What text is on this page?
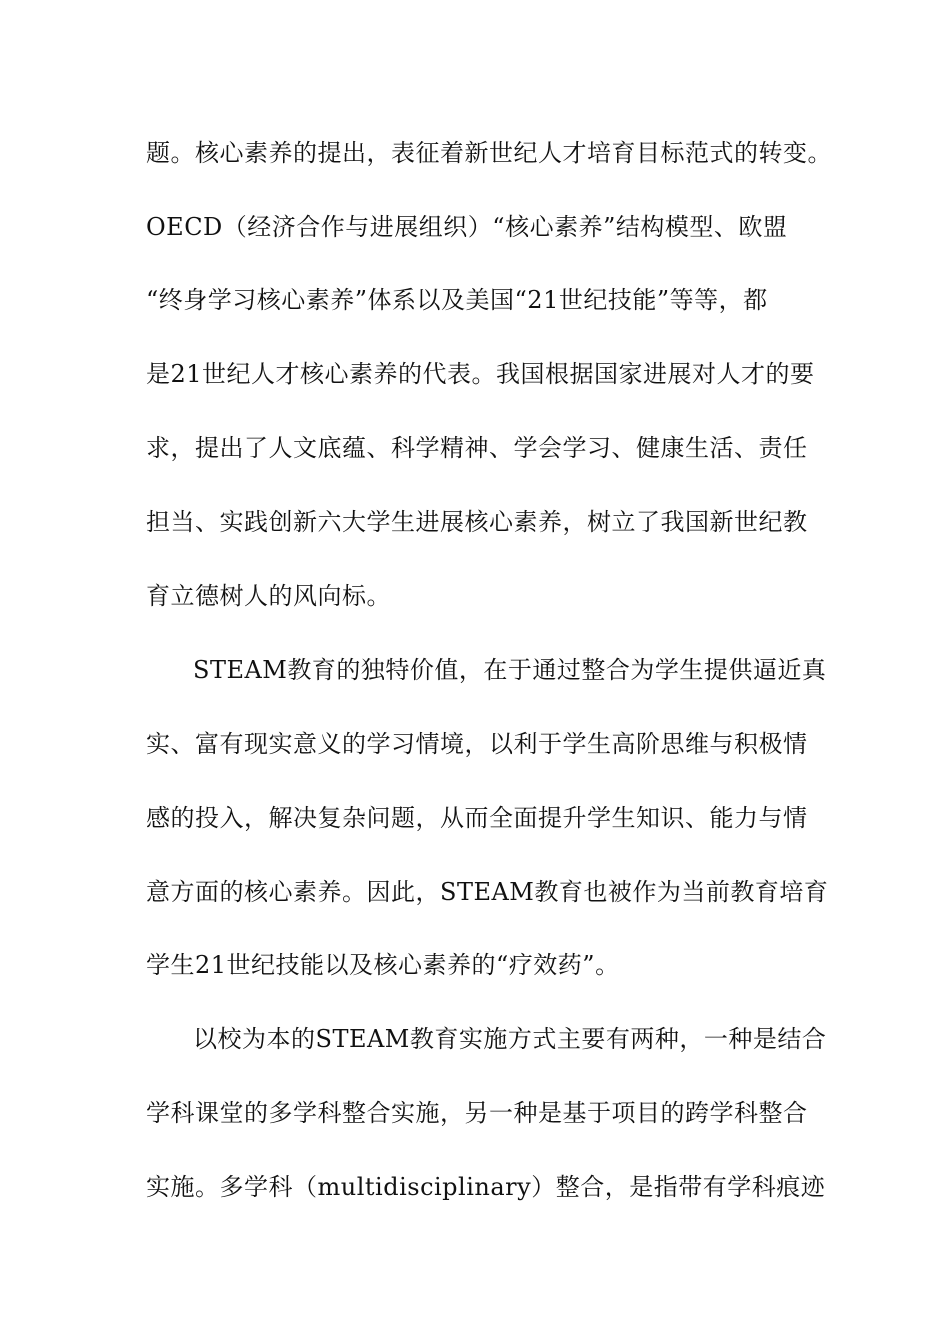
题。核心素养的提出，表征着新世纪人才培育目标范式的转变。
OECD（经济合作与进展组织）“核心素养”结构模型、欧盟
“终身学习核心素养”体系以及美国“21世纪技能”等等，都
是21世纪人才核心素养的代表。我国根据国家进展对人才的要
求，提出了人文底蕴、科学精神、学会学习、健康生活、责任
担当、实践创新六大学生进展核心素养，树立了我国新世纪教
育立德树人的风向标。
STEAM教育的独特价值，在于通过整合为学生提供逼近真
实、富有现实意义的学习情境，以利于学生高阶思维与积极情
感的投入，解决复杂问题，从而全面提升学生知识、能力与情
意方面的核心素养。因此，STEAM教育也被作为当前教育培育
学生21世纪技能以及核心素养的“疗效药”。
以校为本的STEAM教育实施方式主要有两种，一种是结合
学科课堂的多学科整合实施，另一种是基于项目的跨学科整合
实施。多学科（multidisciplinary）整合，是指带有学科痕迹
